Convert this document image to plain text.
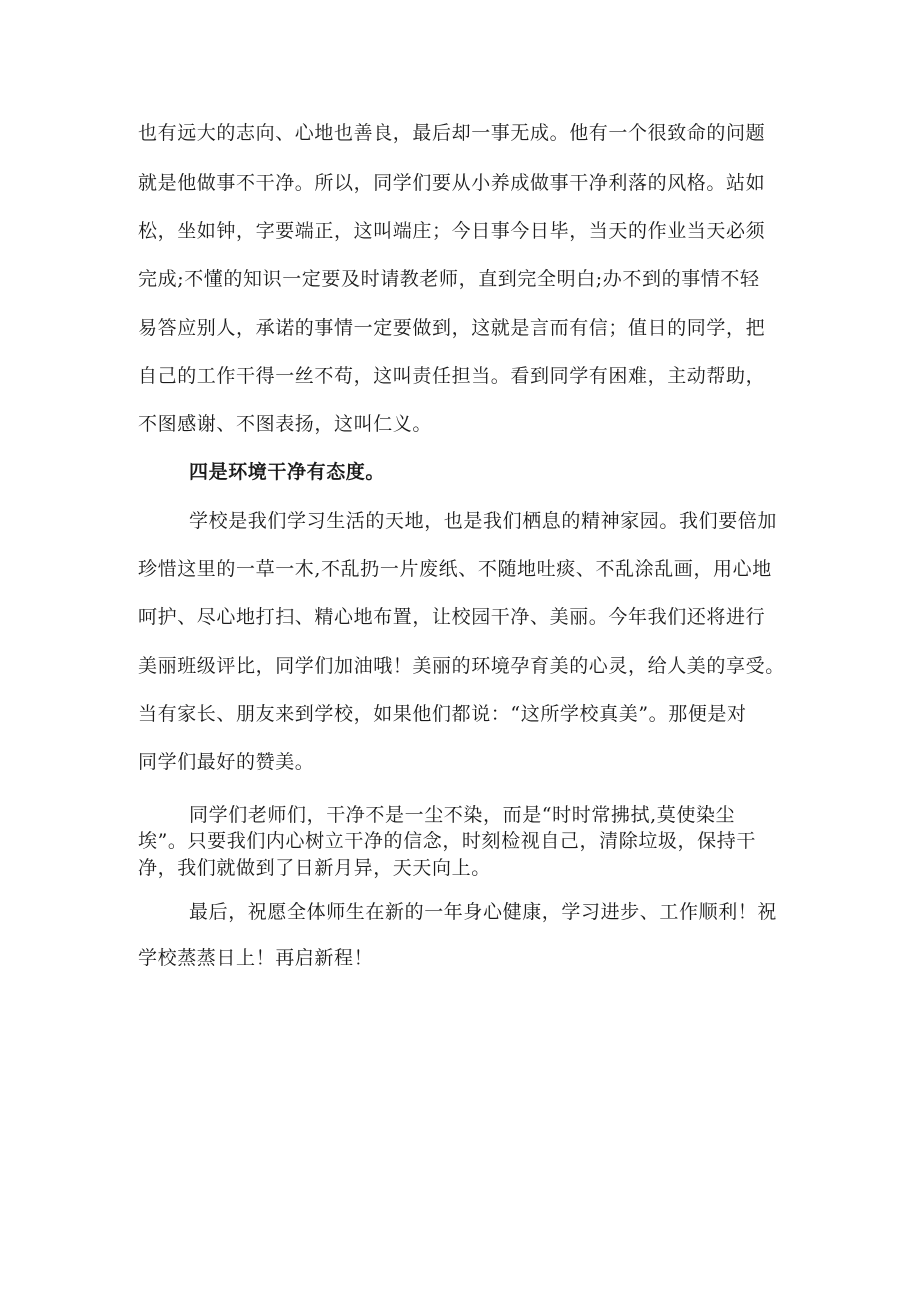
也有远大的志向、心地也善良，最后却一事无成。他有一个很致命的问题
就是他做事不干净。所以，同学们要从小养成做事干净利落的风格。站如
松，坐如钟，字要端正，这叫端庄；今日事今日毕，当天的作业当天必须
完成;不懂的知识一定要及时请教老师，直到完全明白;办不到的事情不轻
易答应别人，承诺的事情一定要做到，这就是言而有信；值日的同学，把
自己的工作干得一丝不苟，这叫责任担当。看到同学有困难，主动帮助，
不图感谢、不图表扬，这叫仁义。
四是环境干净有态度。
学校是我们学习生活的天地，也是我们栖息的精神家园。我们要倍加
珍惜这里的一草一木,不乱扔一片废纸、不随地吐痰、不乱涂乱画，用心地
呵护、尽心地打扫、精心地布置，让校园干净、美丽。今年我们还将进行
美丽班级评比，同学们加油哦！美丽的环境孕育美的心灵，给人美的享受。
当有家长、朋友来到学校，如果他们都说：“这所学校真美”。那便是对
同学们最好的赞美。
同学们老师们，干净不是一尘不染，而是“时时常拂拭,莫使染尘
埃”。只要我们内心树立干净的信念，时刻检视自己，清除垃圾，保持干
净，我们就做到了日新月异，天天向上。
最后，祝愿全体师生在新的一年身心健康，学习进步、工作顺利！祝
学校蒸蒸日上！再启新程！
